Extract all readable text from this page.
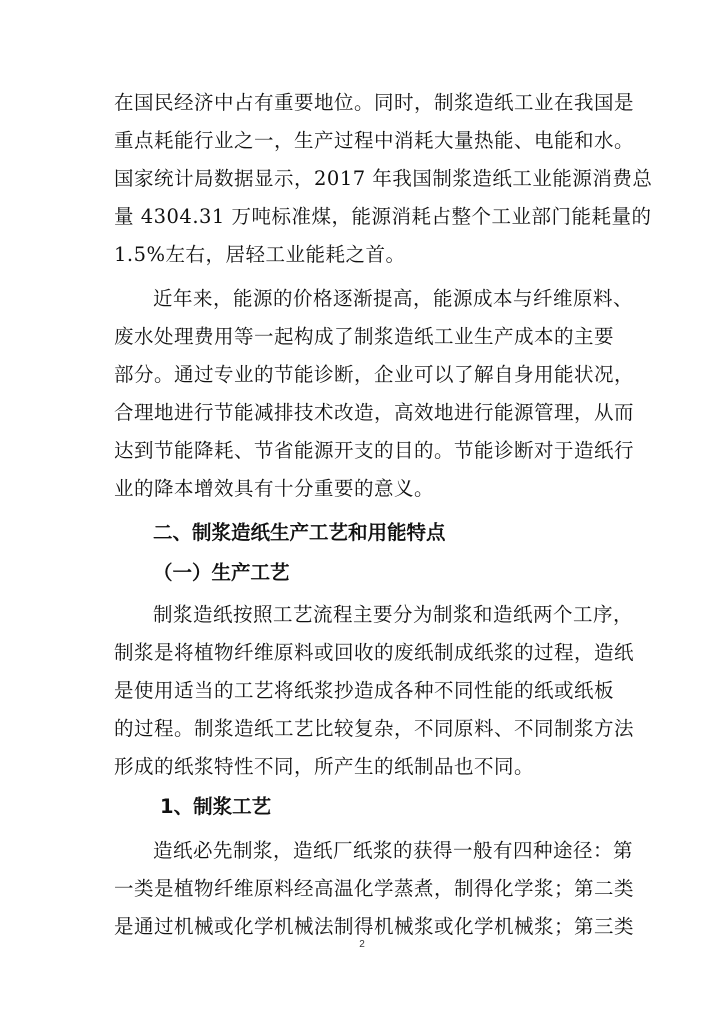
在国民经济中占有重要地位。同时，制浆造纸工业在我国是
重点耗能行业之一，生产过程中消耗大量热能、电能和水。
国家统计局数据显示，2017 年我国制浆造纸工业能源消费总
量 4304.31 万吨标准煤，能源消耗占整个工业部门能耗量的
1.5%左右，居轻工业能耗之首。
近年来，能源的价格逐渐提高，能源成本与纤维原料、
废水处理费用等一起构成了制浆造纸工业生产成本的主要
部分。通过专业的节能诊断，企业可以了解自身用能状况，
合理地进行节能减排技术改造，高效地进行能源管理，从而
达到节能降耗、节省能源开支的目的。节能诊断对于造纸行
业的降本增效具有十分重要的意义。
二、制浆造纸生产工艺和用能特点
（一）生产工艺
制浆造纸按照工艺流程主要分为制浆和造纸两个工序，
制浆是将植物纤维原料或回收的废纸制成纸浆的过程，造纸
是使用适当的工艺将纸浆抄造成各种不同性能的纸或纸板
的过程。制浆造纸工艺比较复杂，不同原料、不同制浆方法
形成的纸浆特性不同，所产生的纸制品也不同。
1、制浆工艺
造纸必先制浆，造纸厂纸浆的获得一般有四种途径：第
一类是植物纤维原料经高温化学蒸煮，制得化学浆；第二类
是通过机械或化学机械法制得机械浆或化学机械浆；第三类
2
